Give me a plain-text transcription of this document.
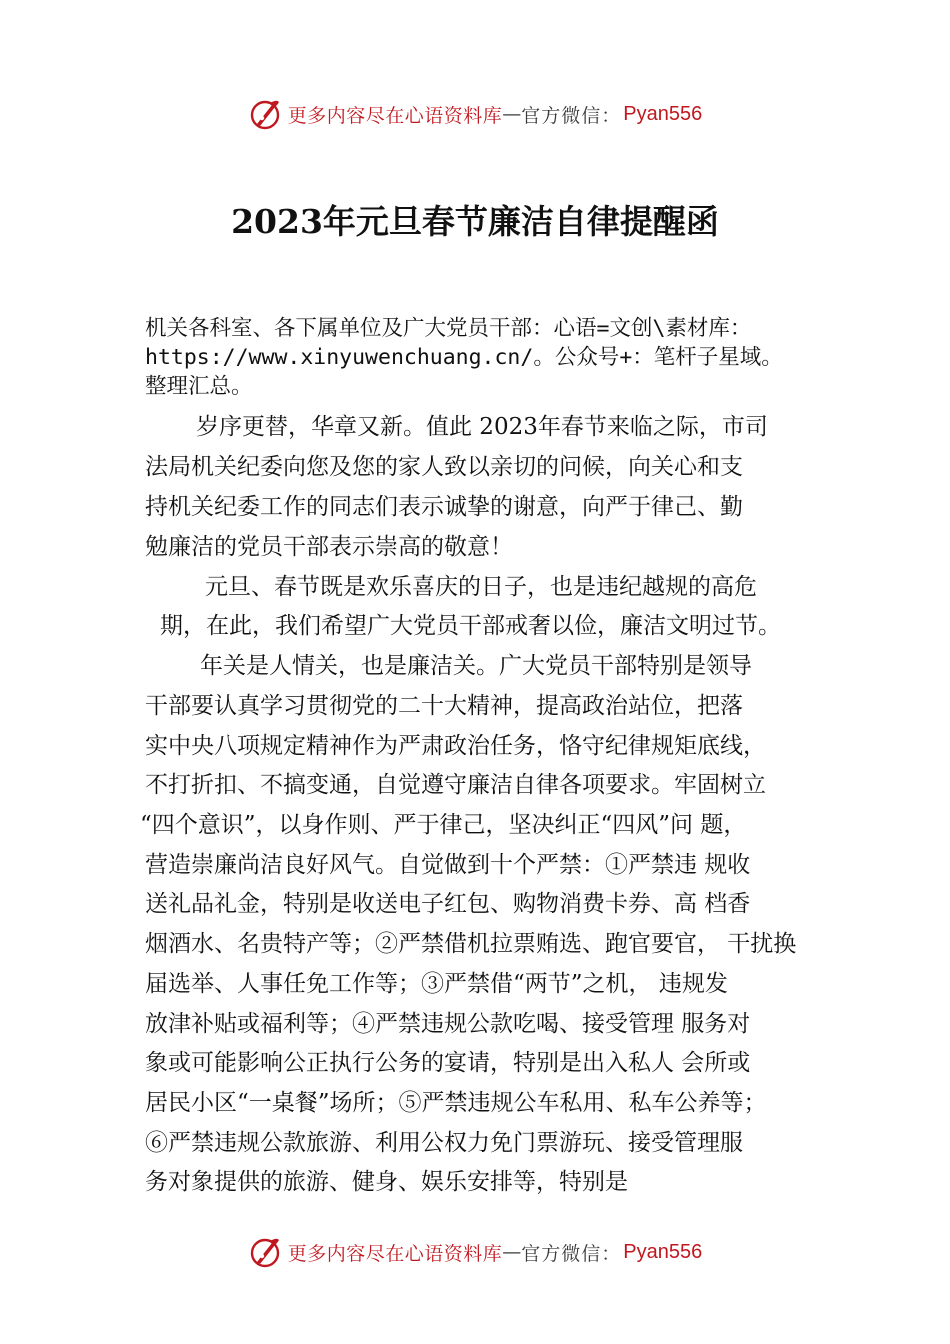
更多内容尽在心语资料库 — 官方微信： Pyan556
2023年元旦春节廉洁自律提醒函
机关各科室、各下属单位及广大党员干部：心语=文创\素材库：
https://www.xinyuwenchuang.cn/。公众号+：笔杆子星域。
整理汇总。
岁序更替，华章又新。值此 2023年春节来临之际，市司
法局机关纪委向您及您的家人致以亲切的问候，向关心和支
持机关纪委工作的同志们表示诚挚的谢意，向严于律己、勤
勉廉洁的党员干部表示崇高的敬意！
元旦、春节既是欢乐喜庆的日子，也是违纪越规的高危
期，在此，我们希望广大党员干部戒奢以俭，廉洁文明过节。
年关是人情关，也是廉洁关。广大党员干部特别是领导
干部要认真学习贯彻党的二十大精神，提高政治站位，把落
实中央八项规定精神作为严肃政治任务，恪守纪律规矩底线，
不打折扣、不搞变通，自觉遵守廉洁自律各项要求。牢固树立
“四个意识”，以身作则、严于律己，坚决纠正“四风”问 题，
营造崇廉尚洁良好风气。自觉做到十个严禁：①严禁违 规收
送礼品礼金，特别是收送电子红包、购物消费卡券、高 档香
烟酒水、名贵特产等；②严禁借机拉票贿选、跑官要官， 干扰换
届选举、人事任免工作等；③严禁借“两节”之机， 违规发
放津补贴或福利等；④严禁违规公款吃喝、接受管理 服务对
象或可能影响公正执行公务的宴请，特别是出入私人 会所或
居民小区“一桌餐”场所；⑤严禁违规公车私用、私车公养等；
⑥严禁违规公款旅游、利用公权力免门票游玩、接受管理服
务对象提供的旅游、健身、娱乐安排等，特别是
更多内容尽在心语资料库 — 官方微信： Pyan556
